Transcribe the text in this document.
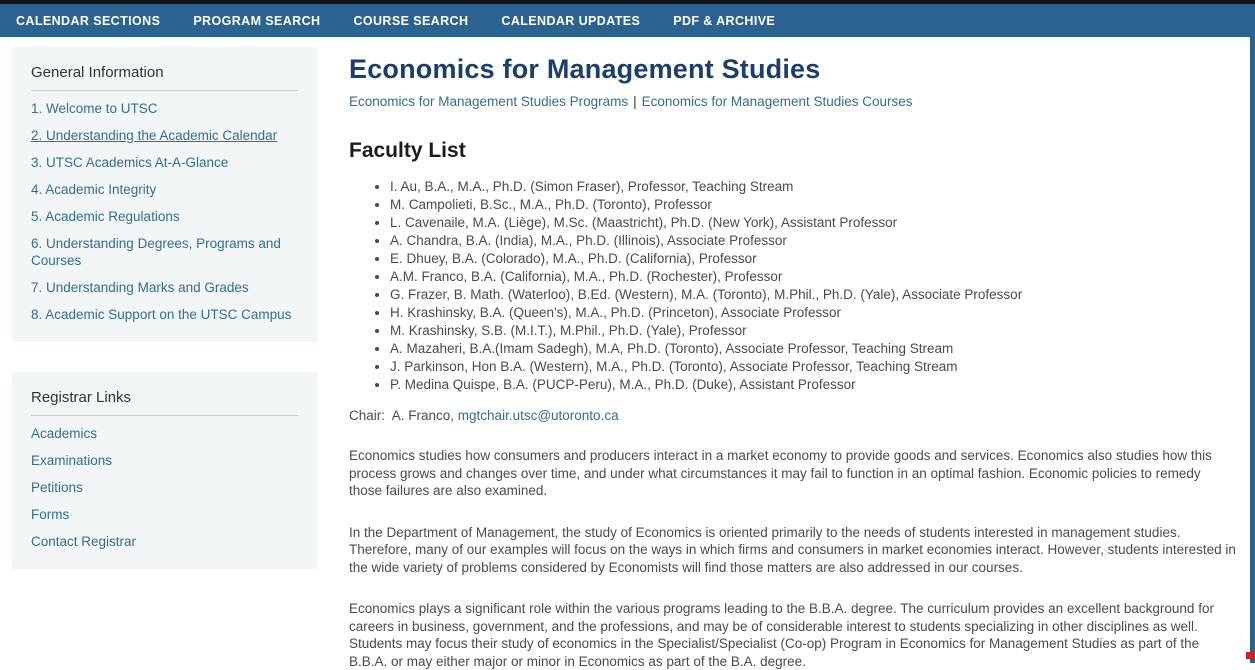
CALENDAR SECTIONS	PROGRAM SEARCH	COURSE SEARCH	CALENDAR UPDATES	PDF & ARCHIVE
General Information
1. Welcome to UTSC
2. Understanding the Academic Calendar
3. UTSC Academics At-A-Glance
4. Academic Integrity
5. Academic Regulations
6. Understanding Degrees, Programs and Courses
7. Understanding Marks and Grades
8. Academic Support on the UTSC Campus
Registrar Links
Academics
Examinations
Petitions
Forms
Contact Registrar
Economics for Management Studies
Economics for Management Studies Programs | Economics for Management Studies Courses
Faculty List
• I. Au, B.A., M.A., Ph.D. (Simon Fraser), Professor, Teaching Stream
• M. Campolieti, B.Sc., M.A., Ph.D. (Toronto), Professor
• L. Cavenaile, M.A. (Liège), M.Sc. (Maastricht), Ph.D. (New York), Assistant Professor
• A. Chandra, B.A. (India), M.A., Ph.D. (Illinois), Associate Professor
• E. Dhuey, B.A. (Colorado), M.A., Ph.D. (California), Professor
• A.M. Franco, B.A. (California), M.A., Ph.D. (Rochester), Professor
• G. Frazer, B. Math. (Waterloo), B.Ed. (Western), M.A. (Toronto), M.Phil., Ph.D. (Yale), Associate Professor
• H. Krashinsky, B.A. (Queen's), M.A., Ph.D. (Princeton), Associate Professor
• M. Krashinsky, S.B. (M.I.T.), M.Phil., Ph.D. (Yale), Professor
• A. Mazaheri, B.A.(Imam Sadegh), M.A, Ph.D. (Toronto), Associate Professor, Teaching Stream
• J. Parkinson, Hon B.A. (Western), M.A., Ph.D. (Toronto), Associate Professor, Teaching Stream
• P. Medina Quispe, B.A. (PUCP-Peru), M.A., Ph.D. (Duke), Assistant Professor

Chair:  A. Franco, mgtchair.utsc@utoronto.ca

Economics studies how consumers and producers interact in a market economy to provide goods and services. Economics also studies how this process grows and changes over time, and under what circumstances it may fail to function in an optimal fashion. Economic policies to remedy those failures are also examined.

In the Department of Management, the study of Economics is oriented primarily to the needs of students interested in management studies. Therefore, many of our examples will focus on the ways in which firms and consumers in market economies interact. However, students interested in the wide variety of problems considered by Economists will find those matters are also addressed in our courses.

Economics plays a significant role within the various programs leading to the B.B.A. degree. The curriculum provides an excellent background for careers in business, government, and the professions, and may be of considerable interest to students specializing in other disciplines as well. Students may focus their study of economics in the Specialist/Specialist (Co-op) Program in Economics for Management Studies as part of the B.B.A. or may either major or minor in Economics as part of the B.A. degree.
